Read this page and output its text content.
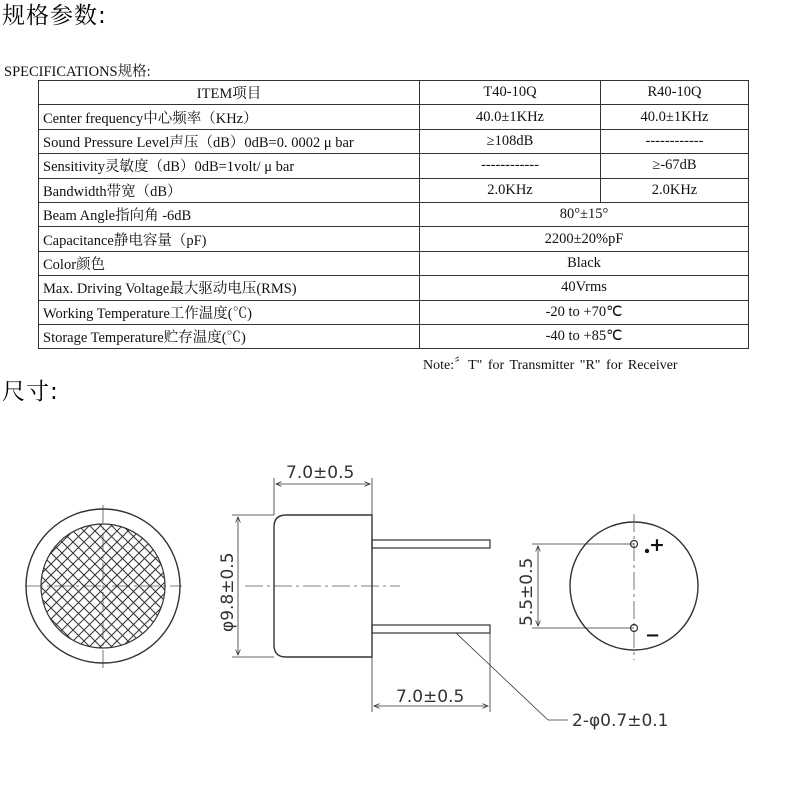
规格参数:
SPECIFICATIONS规格:
ITEM项目	T40-10Q	R40-10Q
Center frequency中心频率（KHz）	40.0±1KHz	40.0±1KHz
Sound Pressure Level声压（dB）0dB=0. 0002 μ bar	≥108dB	------------
Sensitivity灵敏度（dB）0dB=1volt/ μ bar	------------	≥-67dB
Bandwidth带宽（dB）	2.0KHz	2.0KHz
Beam Angle指向角 -6dB	80°±15°	
Capacitance静电容量（pF)	2200±20%pF	
Color颜色	Black	
Max. Driving Voltage最大驱动电压(RMS)	40Vrms	
Working Temperature工作温度(℃)	-20 to +70℃	
Storage Temperature贮存温度(℃)	-40 to +85℃	
Note:〞T" for Transmitter "R" for Receiver
尺寸:
7.0±0.5
φ9.8±0.5
7.0±0.5
2-φ0.7±0.1
+
−
5.5±0.5
